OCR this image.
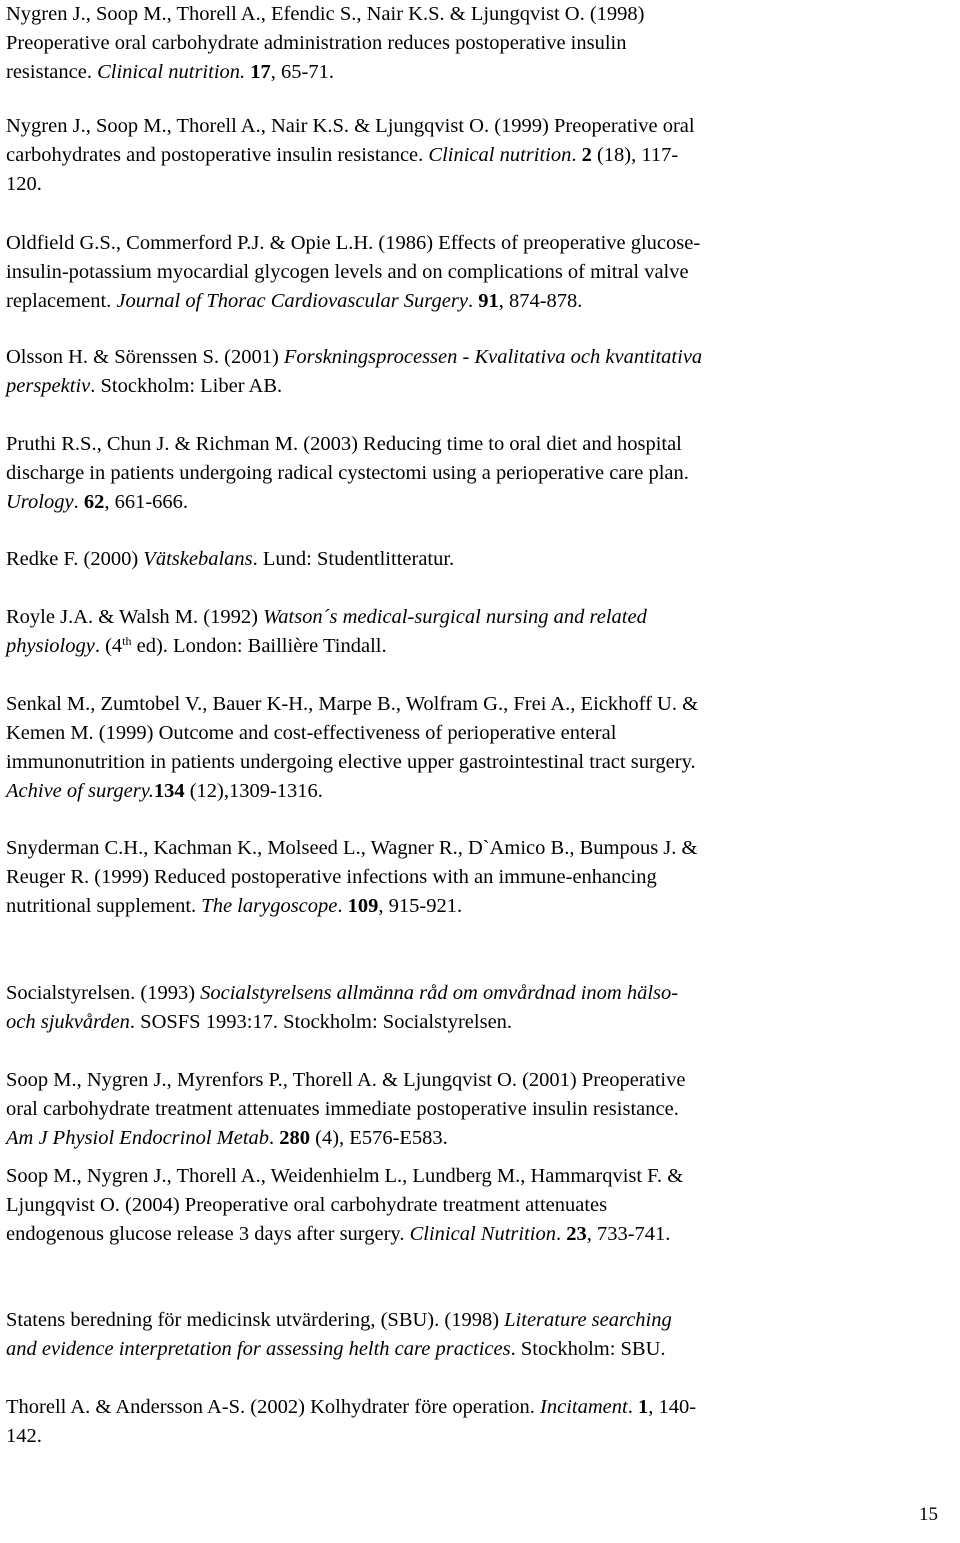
Nygren J., Soop M., Thorell A., Efendic S., Nair K.S. & Ljungqvist O. (1998)
Preoperative oral carbohydrate administration reduces postoperative insulin
resistance. Clinical nutrition. 17, 65-71.

Nygren J., Soop M., Thorell A., Nair K.S. & Ljungqvist O. (1999) Preoperative oral
carbohydrates and postoperative insulin resistance. Clinical nutrition. 2 (18), 117-
120.

Oldfield G.S., Commerford P.J. & Opie L.H. (1986) Effects of preoperative glucose-
insulin-potassium myocardial glycogen levels and on complications of mitral valve
replacement. Journal of Thorac Cardiovascular Surgery. 91, 874-878.

Olsson H. & Sörenssen S. (2001) Forskningsprocessen - Kvalitativa och kvantitativa
perspektiv. Stockholm: Liber AB.

Pruthi R.S., Chun J. & Richman M. (2003) Reducing time to oral diet and hospital
discharge in patients undergoing radical cystectomi using a perioperative care plan.
Urology. 62, 661-666.

Redke F. (2000) Vätskebalans. Lund: Studentlitteratur.

Royle J.A. & Walsh M. (1992) Watson´s medical-surgical nursing and related
physiology. (4th ed). London: Baillière Tindall.

Senkal M., Zumtobel V., Bauer K-H., Marpe B., Wolfram G., Frei A., Eickhoff U. &
Kemen M. (1999) Outcome and cost-effectiveness of perioperative enteral
immunonutrition in patients undergoing elective upper gastrointestinal tract surgery.
Achive of surgery.134 (12),1309-1316.

Snyderman C.H., Kachman K., Molseed L., Wagner R., D`Amico B., Bumpous J. &
Reuger R. (1999) Reduced postoperative infections with an immune-enhancing
nutritional supplement. The larygoscope. 109, 915-921.

Socialstyrelsen. (1993) Socialstyrelsens allmänna råd om omvårdnad inom hälso-
och sjukvården. SOSFS 1993:17. Stockholm: Socialstyrelsen.

Soop M., Nygren J., Myrenfors P., Thorell A. & Ljungqvist O. (2001) Preoperative
oral carbohydrate treatment attenuates immediate postoperative insulin resistance.
Am J Physiol Endocrinol Metab. 280 (4), E576-E583.

Soop M., Nygren J., Thorell A., Weidenhielm L., Lundberg M., Hammarqvist F. &
Ljungqvist O. (2004) Preoperative oral carbohydrate treatment attenuates
endogenous glucose release 3 days after surgery. Clinical Nutrition. 23, 733-741.

Statens beredning för medicinsk utvärdering, (SBU). (1998) Literature searching
and evidence interpretation for assessing helth care practices. Stockholm: SBU.

Thorell A. & Andersson A-S. (2002) Kolhydrater före operation. Incitament. 1, 140-
142.

15
